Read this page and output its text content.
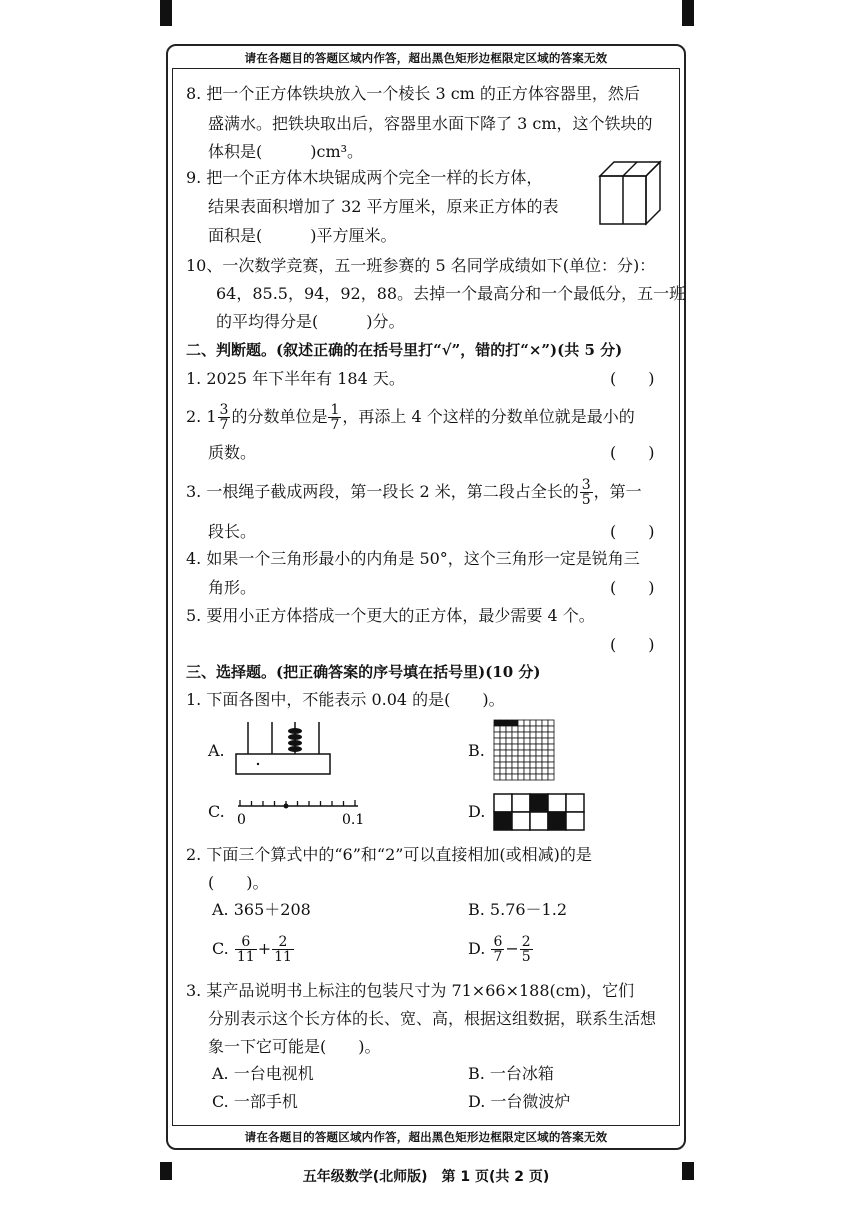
请在各题目的答题区域内作答，超出黑色矩形边框限定区域的答案无效
请在各题目的答题区域内作答，超出黑色矩形边框限定区域的答案无效
8. 把一个正方体铁块放入一个棱长 3 cm 的正方体容器里，然后
盛满水。把铁块取出后，容器里水面下降了 3 cm，这个铁块的
体积是(　　　)cm³。
9. 把一个正方体木块锯成两个完全一样的长方体，
结果表面积增加了 32 平方厘米，原来正方体的表
面积是(　　　)平方厘米。
10、一次数学竞赛，五一班参赛的 5 名同学成绩如下(单位：分)：
64，85.5，94，92，88。去掉一个最高分和一个最低分，五一班
的平均得分是(　　　)分。
二、判断题。(叙述正确的在括号里打“√”，错的打“×”)(共 5 分)
1. 2025 年下半年有 184 天。	(　　)
2. $1 \frac{3}{7}$ 的分数单位是 $\frac{1}{7}$ ，再添上 4 个这样的分数单位就是最小的
质数。	(　　)
3. 一根绳子截成两段，第一段长 2 米，第二段占全长的 $\frac{3}{5}$ ，第一
段长。	(　　)
4. 如果一个三角形最小的内角是 50°，这个三角形一定是锐角三
角形。	(　　)
5. 要用小正方体搭成一个更大的正方体，最少需要 4 个。
(　　)
三、选择题。(把正确答案的序号填在括号里)(10 分)
1. 下面各图中，不能表示 0.04 的是(　　)。
A.	B.
C. 0	0.1	D.
2. 下面三个算式中的“6”和“2”可以直接相加(或相减)的是
(　　)。
A. 365＋208	B. 5.76－1.2
C. $\frac{6}{11} + \frac{2}{11}$	D. $\frac{6}{7} - \frac{2}{5}$
3. 某产品说明书上标注的包装尺寸为 71×66×188(cm)，它们
分别表示这个长方体的长、宽、高，根据这组数据，联系生活想
象一下它可能是(　　)。
A. 一台电视机	B. 一台冰箱
C. 一部手机	D. 一台微波炉
五年级数学(北师版)　第 1 页(共 2 页)
